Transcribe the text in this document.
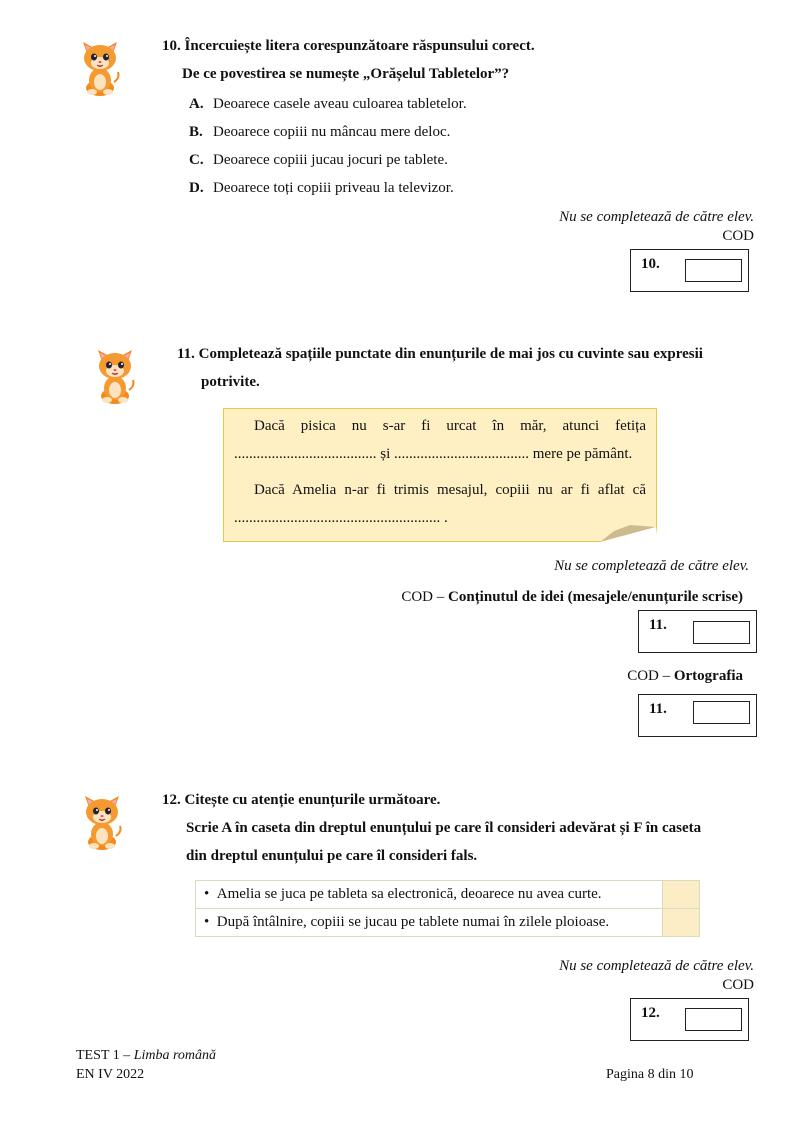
10. Încercuiește litera corespunzătoare răspunsului corect.
De ce povestirea se numește „Orășelul Tabletelor”?
A. Deoarece casele aveau culoarea tabletelor.
B. Deoarece copiii nu mâncau mere deloc.
C. Deoarece copiii jucau jocuri pe tablete.
D. Deoarece toți copiii priveau la televizor.
Nu se completează de către elev.
COD
10.
11. Completează spațiile punctate din enunțurile de mai jos cu cuvinte sau expresii
potrivite.

Dacă pisica nu s-ar fi urcat în măr, atunci fetița

...................................... și .................................... mere pe pământ.

Dacă Amelia n-ar fi trimis mesajul, copiii nu ar fi aflat că

....................................................... .

Nu se completează de către elev.
COD – Conținutul de idei (mesajele/enunțurile scrise)
11.
COD – Ortografia
11.
12. Citește cu atenție enunțurile următoare.
Scrie A în caseta din dreptul enunțului pe care îl consideri adevărat și F în caseta
din dreptul enunțului pe care îl consideri fals.
• Amelia se juca pe tableta sa electronică, deoarece nu avea curte.	
• După întâlnire, copiii se jucau pe tablete numai în zilele ploioase.	
Nu se completează de către elev.
COD
12.
TEST 1 – Limba română
EN IV 2022	Pagina 8 din 10
